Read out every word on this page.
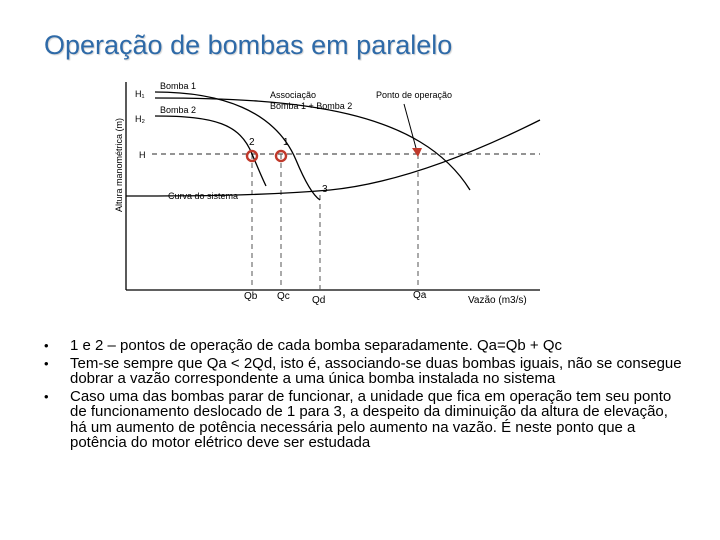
Operação de bombas em paralelo
Altura manométrica (m)
H₁
H₂
H
Bomba 1
Bomba 2
Associação
Bomba 1 + Bomba 2
Ponto de operação
Curva do sistema
2	1
3
Qb Qc Qd	Qa	Vazão (m3/s)
• 1 e 2 – pontos de operação de cada bomba separadamente. Qa=Qb + Qc
• Tem-se sempre que Qa < 2Qd, isto é, associando-se duas bombas iguais, não se consegue dobrar a vazão correspondente a uma única bomba instalada no sistema
• Caso uma das bombas parar de funcionar, a unidade que fica em operação tem seu ponto de funcionamento deslocado de 1 para 3, a despeito da diminuição da altura de elevação, há um aumento de potência necessária pelo aumento na vazão. É neste ponto que a potência do motor elétrico deve ser estudada
